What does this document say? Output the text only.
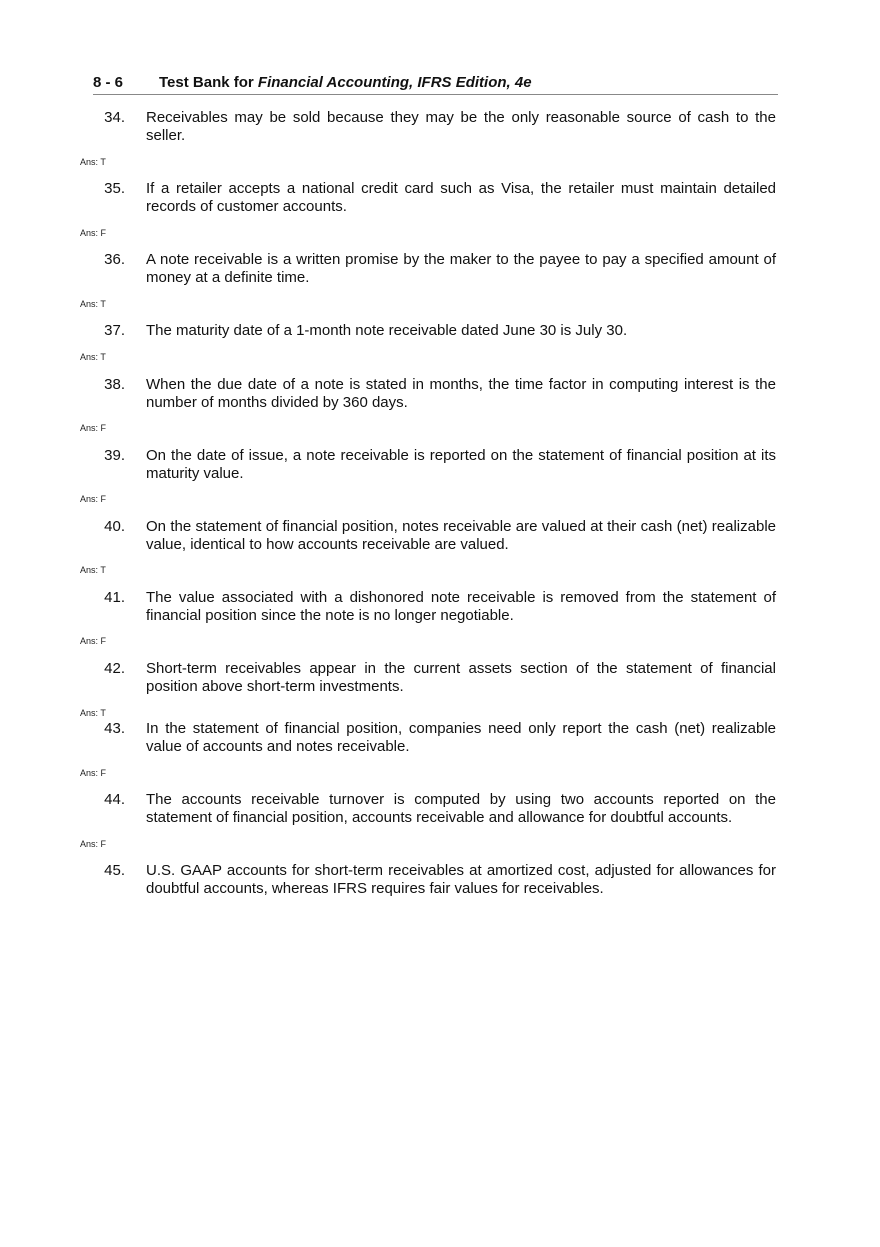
8 - 6 Test Bank for Financial Accounting, IFRS Edition, 4e
34. Receivables may be sold because they may be the only reasonable source of cash to the seller.
Ans: T
35. If a retailer accepts a national credit card such as Visa, the retailer must maintain detailed records of customer accounts.
Ans: F
36. A note receivable is a written promise by the maker to the payee to pay a specified amount of money at a definite time.
Ans: T
37. The maturity date of a 1-month note receivable dated June 30 is July 30.
Ans: T
38. When the due date of a note is stated in months, the time factor in computing interest is the number of months divided by 360 days.
Ans: F
39. On the date of issue, a note receivable is reported on the statement of financial position at its maturity value.
Ans: F
40. On the statement of financial position, notes receivable are valued at their cash (net) realizable value, identical to how accounts receivable are valued.
Ans: T
41. The value associated with a dishonored note receivable is removed from the statement of financial position since the note is no longer negotiable.
Ans: F
42. Short-term receivables appear in the current assets section of the statement of financial position above short-term investments.
Ans: T
43. In the statement of financial position, companies need only report the cash (net) realizable value of accounts and notes receivable.
Ans: F
44. The accounts receivable turnover is computed by using two accounts reported on the statement of financial position, accounts receivable and allowance for doubtful accounts.
Ans: F
45. U.S. GAAP accounts for short-term receivables at amortized cost, adjusted for allowances for doubtful accounts, whereas IFRS requires fair values for receivables.
